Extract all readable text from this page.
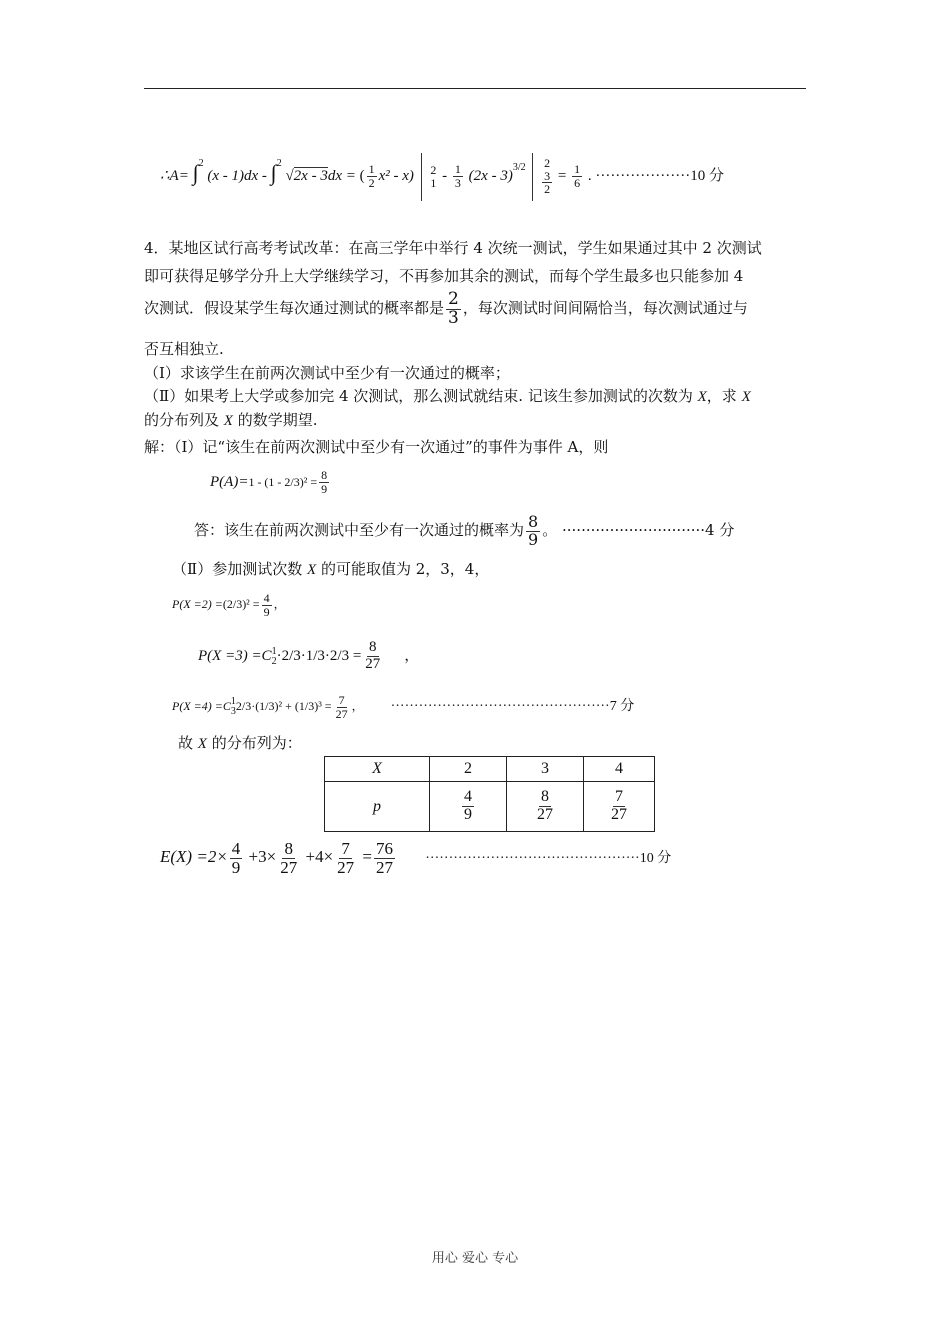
∴A= ∫$^2$ (x - 1)dx - ∫$^2$ √2x - 3dx = ( $\frac{1}{2} x^2 - x$) 2
$1 - \frac{1}{3} (2x - 3)^{3/2}$ 2
3
2
= $\frac{1}{6}$ . ···················10 分
4．某地区试行高考考试改革：在高三学年中举行 4 次统一测试，学生如果通过其中 2 次测试
即可获得足够学分升上大学继续学习，不再参加其余的测试，而每个学生最多也只能参加 4
次测试．假设某学生每次通过测试的概率都是 $\frac{2}{3}$ ，每次测试时间间隔恰当，每次测试通过与
否互相独立.
（Ⅰ）求该学生在前两次测试中至少有一次通过的概率；
（Ⅱ）如果考上大学或参加完 4 次测试，那么测试就结束. 记该生参加测试的次数为 X，求 X
的分布列及 X 的数学期望.
解：（Ⅰ）记“该生在前两次测试中至少有一次通过”的事件为事件 A，则
$P(A)=1 - (1 - 2/3)^2 = \frac{8}{9}$
答：该生在前两次测试中至少有一次通过的概率为 $\frac{8}{9}$ 。 ······························4 分
（Ⅱ）参加测试次数 X 的可能取值为 2，3，4，
$P(X =2) =(2/3)^2 = \frac{4}{9}$ ，
P(X =3) =C 1
$2 \cdot 2/3\cdot 1/3\cdot 2/3 = \frac{8}{27}$ ，
P(X =4) =C 1
3 $2/3\cdot(1/3)^2 + (1/3)^3 = \frac{7}{27}$ ， ···············································7 分
故 X 的分布列为：
X	2	3	4
p	$\frac{4}{9}$	$\frac{8}{27}$	$\frac{7}{27}$
$E(X) =2\times \frac{4}{9} +3\times \frac{8}{27} +4\times \frac{7}{27} = \frac{76}{27} \cdot\cdot\cdot\cdot\cdot\cdot\cdot\cdot\cdot\cdot\cdot\cdot\cdot\cdot\cdot\cdot\cdot\cdot\cdot\cdot\cdot\cdot\cdot\cdot\cdot\cdot\cdot\cdot\cdot\cdot\cdot\cdot\cdot\cdot\cdot\cdot\cdot\cdot\cdot\cdot\cdot\cdot\cdot\cdot\cdot\cdot 10$ 分
用心 爱心 专心
